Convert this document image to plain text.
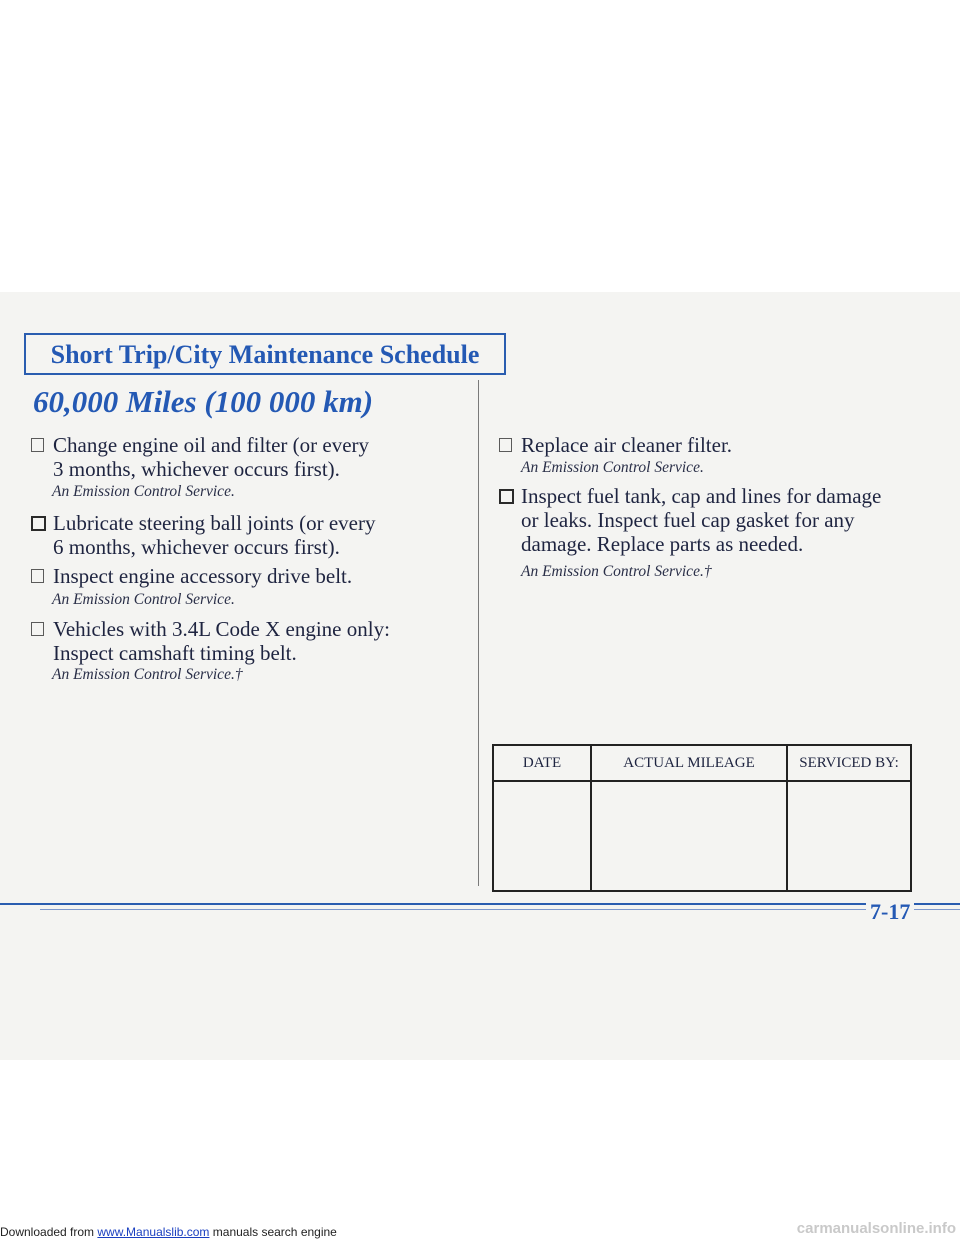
Short Trip/City Maintenance Schedule
60,000 Miles (100 000 km)
Change engine oil and filter (or every
3 months, whichever occurs first).
An Emission Control Service.
Lubricate steering ball joints (or every
6 months, whichever occurs first).
Inspect engine accessory drive belt.
An Emission Control Service.
Vehicles with 3.4L Code X engine only:
Inspect camshaft timing belt.
An Emission Control Service.†
Replace air cleaner filter.
An Emission Control Service.
Inspect fuel tank, cap and lines for damage
or leaks. Inspect fuel cap gasket for any
damage. Replace parts as needed.
An Emission Control Service.†
DATE	ACTUAL MILEAGE	SERVICED BY:

7-17
Downloaded from www.Manualslib.com manuals search engine	carmanualsonline.info
